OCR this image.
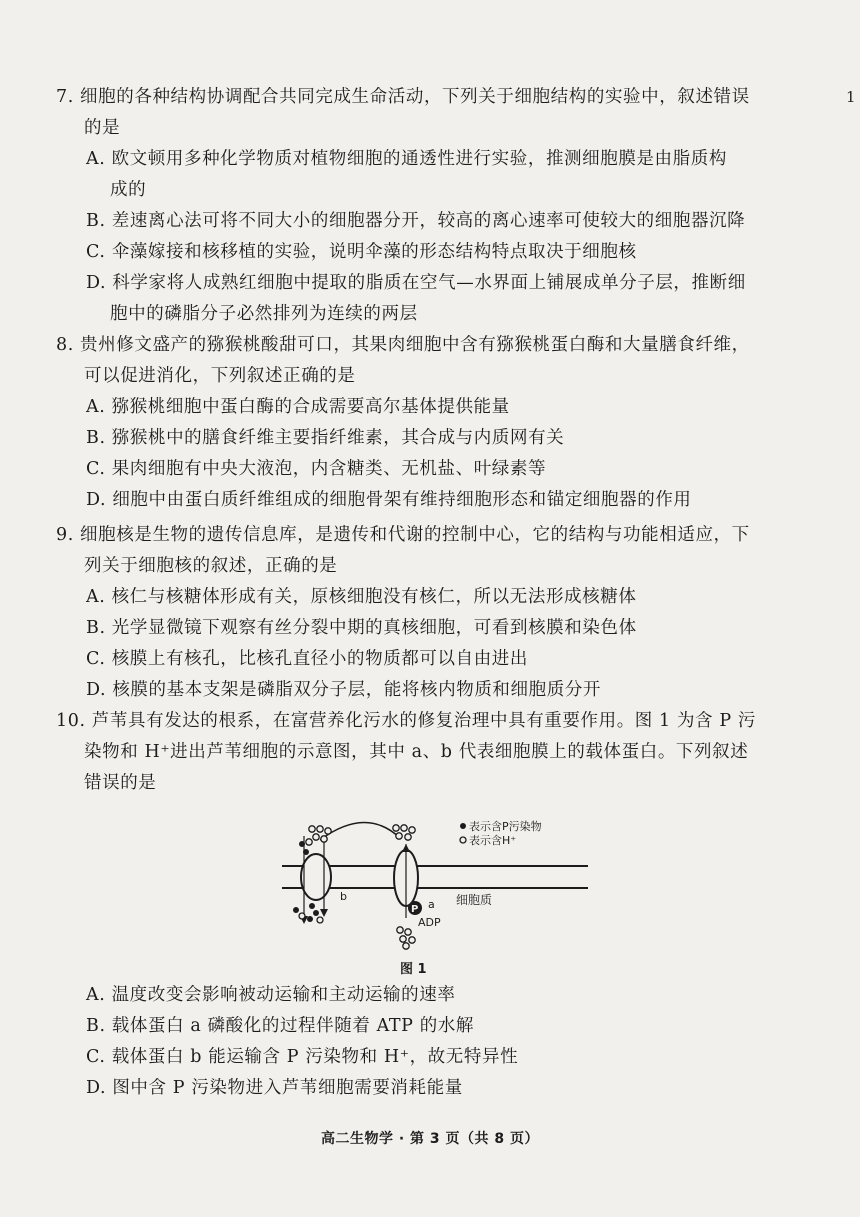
1
7. 细胞的各种结构协调配合共同完成生命活动，下列关于细胞结构的实验中，叙述错误
的是
A. 欧文顿用多种化学物质对植物细胞的通透性进行实验，推测细胞膜是由脂质构
成的
B. 差速离心法可将不同大小的细胞器分开，较高的离心速率可使较大的细胞器沉降
C. 伞藻嫁接和核移植的实验，说明伞藻的形态结构特点取决于细胞核
D. 科学家将人成熟红细胞中提取的脂质在空气—水界面上铺展成单分子层，推断细
胞中的磷脂分子必然排列为连续的两层
8. 贵州修文盛产的猕猴桃酸甜可口，其果肉细胞中含有猕猴桃蛋白酶和大量膳食纤维，
可以促进消化，下列叙述正确的是
A. 猕猴桃细胞中蛋白酶的合成需要高尔基体提供能量
B. 猕猴桃中的膳食纤维主要指纤维素，其合成与内质网有关
C. 果肉细胞有中央大液泡，内含糖类、无机盐、叶绿素等
D. 细胞中由蛋白质纤维组成的细胞骨架有维持细胞形态和锚定细胞器的作用
9. 细胞核是生物的遗传信息库，是遗传和代谢的控制中心，它的结构与功能相适应，下
列关于细胞核的叙述，正确的是
A. 核仁与核糖体形成有关，原核细胞没有核仁，所以无法形成核糖体
B. 光学显微镜下观察有丝分裂中期的真核细胞，可看到核膜和染色体
C. 核膜上有核孔，比核孔直径小的物质都可以自由进出
D. 核膜的基本支架是磷脂双分子层，能将核内物质和细胞质分开
10. 芦苇具有发达的根系，在富营养化污水的修复治理中具有重要作用。图 1 为含 P 污
染物和 H⁺进出芦苇细胞的示意图，其中 a、b 代表细胞膜上的载体蛋白。下列叙述
错误的是
P a
b
ADP
细胞质
表示含P污染物
表示含H⁺
图 1
A. 温度改变会影响被动运输和主动运输的速率
B. 载体蛋白 a 磷酸化的过程伴随着 ATP 的水解
C. 载体蛋白 b 能运输含 P 污染物和 H⁺，故无特异性
D. 图中含 P 污染物进入芦苇细胞需要消耗能量
高二生物学 · 第 3 页（共 8 页）
